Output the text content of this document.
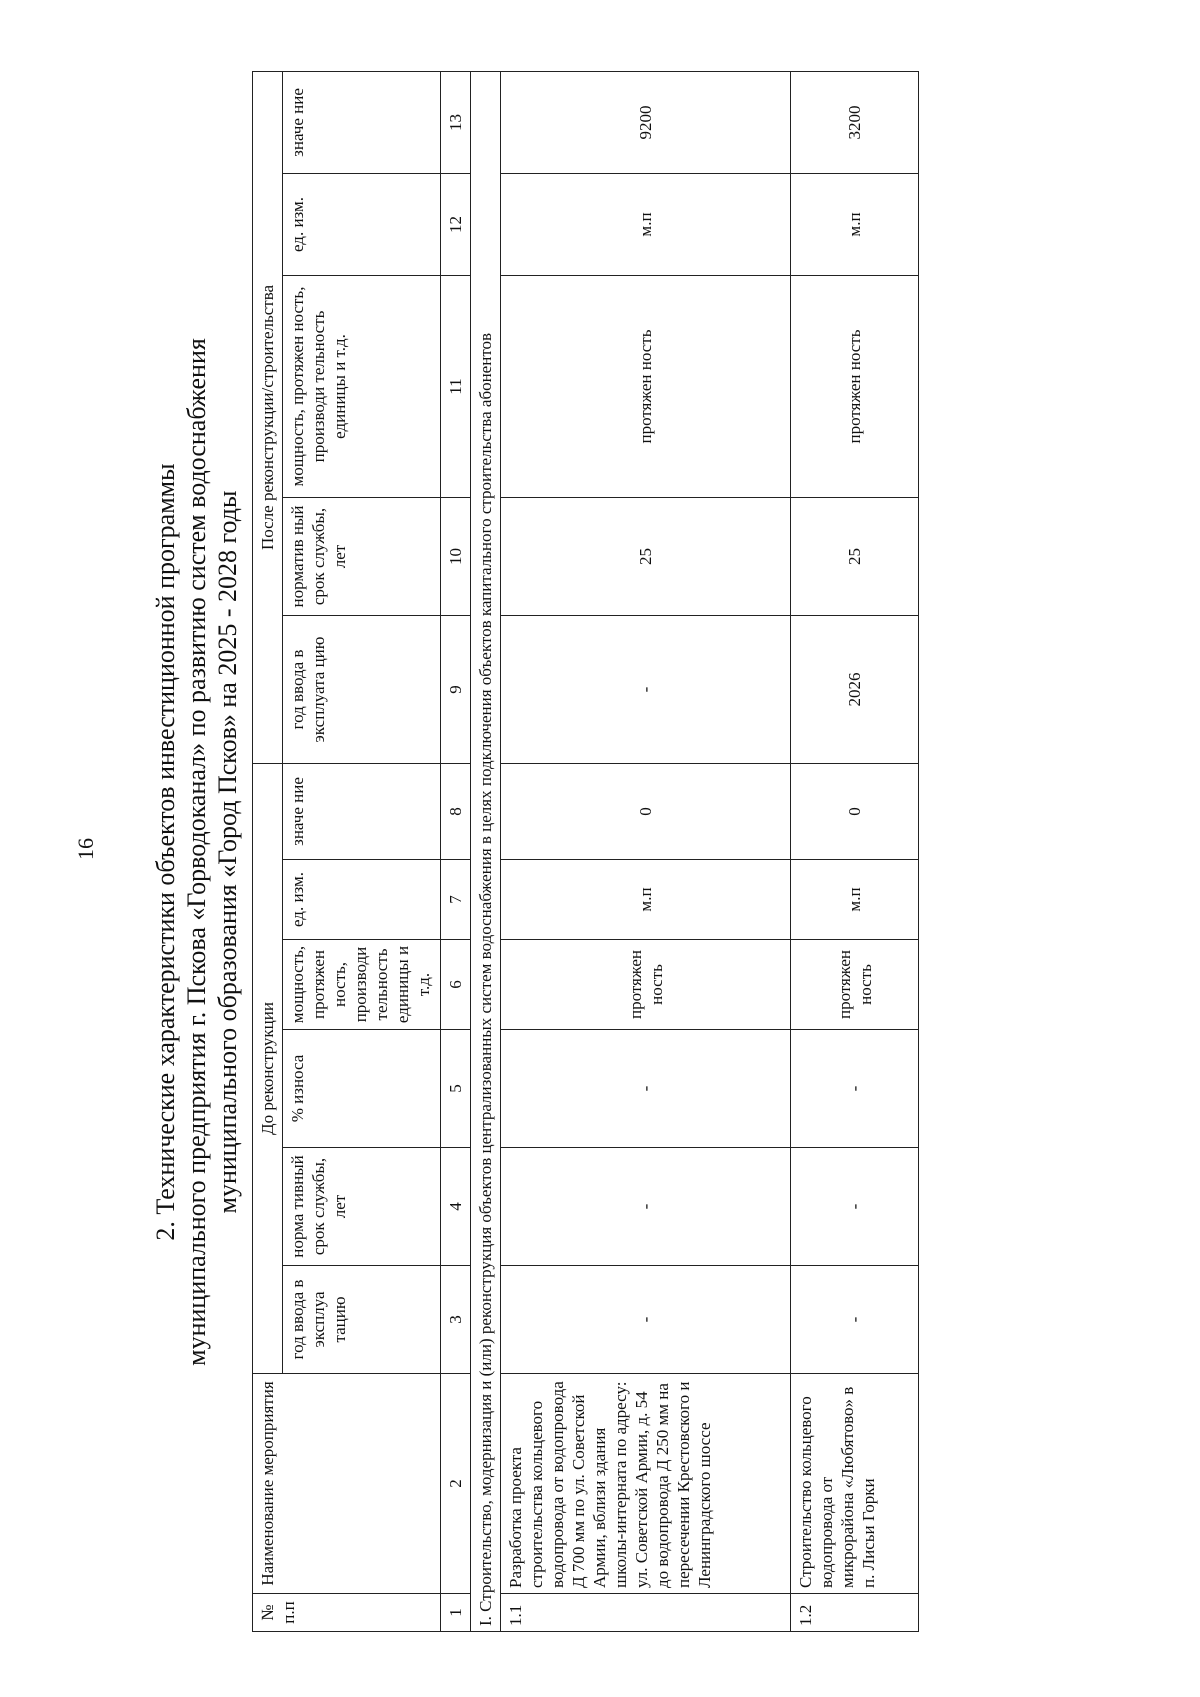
16	2. Технические характеристики объектов инвестиционной программы муниципального предприятия г. Пскова «Горводоканал» по развитию систем водоснабжения муниципального образования «Город Псков» на 2025 - 2028 годы
№ п.п	Наименование мероприятия	До реконструкции						После реконструкции/строительства				
		год ввода в эксплуа тацию	норма тивный срок службы, лет	% износа	мощность, протяжен ность, производи тельность единицы и т.д.	ед. изм.	значе ние	год ввода в эксплуата цию	норматив ный срок службы, лет	мощность, протяжен ность, производи тельность единицы и т.д.	ед. изм.	значе ние
1	2	3	4	5	6	7	8	9	10	11	12	13
I. Строительство, модернизация и (или) реконструкция объектов централизованных систем водоснабжения в целях подключения объектов капитального строительства абонентов												
1.1	Разработка проекта строительства кольцевого водопровода от водопровода Д 700 мм по ул. Советской Армии, вблизи здания школы-интерната по адресу: ул. Советской Армии, д. 54 до водопровода Д 250 мм на пересечении Крестовского и Ленинградского шоссе	-	-	-	протяжен ность	м.п	0	-	25	протяжен ность	м.п	9200
1.2	Строительство кольцевого водопровода от микрорайона «Любятово» в п. Лисьи Горки	-	-	-	протяжен ность	м.п	0	2026	25	протяжен ность	м.п	3200
